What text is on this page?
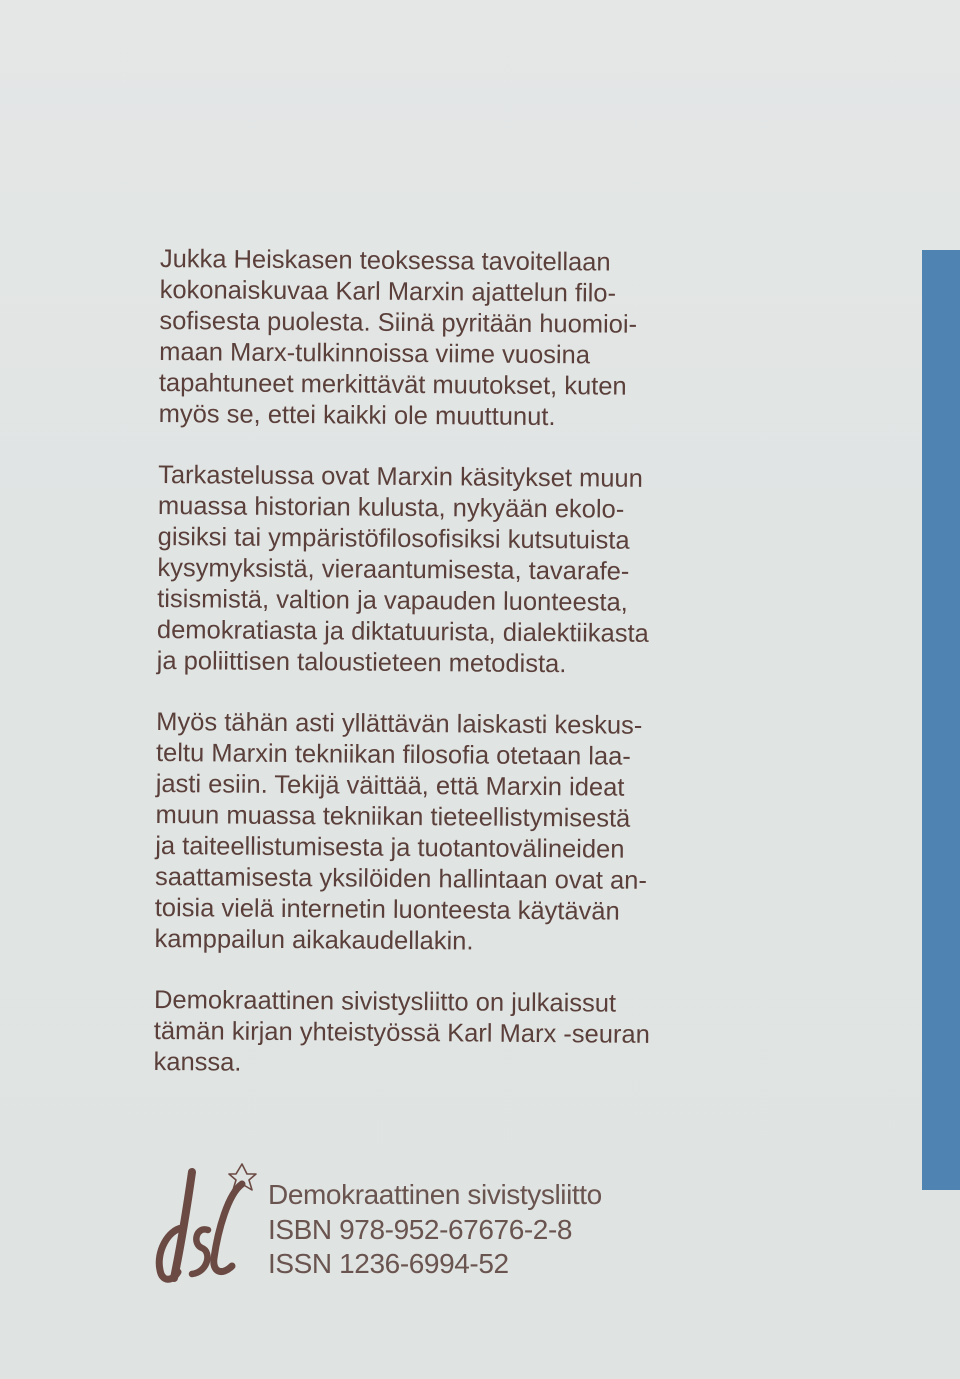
Jukka Heiskasen teoksessa tavoitellaan
kokonaiskuvaa Karl Marxin ajattelun filo-
sofisesta puolesta. Siinä pyritään huomioi-
maan Marx-tulkinnoissa viime vuosina
tapahtuneet merkittävät muutokset, kuten
myös se, ettei kaikki ole muuttunut.

Tarkastelussa ovat Marxin käsitykset muun
muassa historian kulusta, nykyään ekolo-
gisiksi tai ympäristöfilosofisiksi kutsutuista
kysymyksistä, vieraantumisesta, tavarafe-
tisismistä, valtion ja vapauden luonteesta,
demokratiasta ja diktatuurista, dialektiikasta
ja poliittisen taloustieteen metodista.

Myös tähän asti yllättävän laiskasti keskus-
teltu Marxin tekniikan filosofia otetaan laa-
jasti esiin. Tekijä väittää, että Marxin ideat
muun muassa tekniikan tieteellistymisestä
ja taiteellistumisesta ja tuotantovälineiden
saattamisesta yksilöiden hallintaan ovat an-
toisia vielä internetin luonteesta käytävän
kamppailun aikakaudellakin.

Demokraattinen sivistysliitto on julkaissut
tämän kirjan yhteistyössä Karl Marx -seuran
kanssa.

Demokraattinen sivistysliitto
ISBN 978-952-67676-2-8
ISSN 1236-6994-52
